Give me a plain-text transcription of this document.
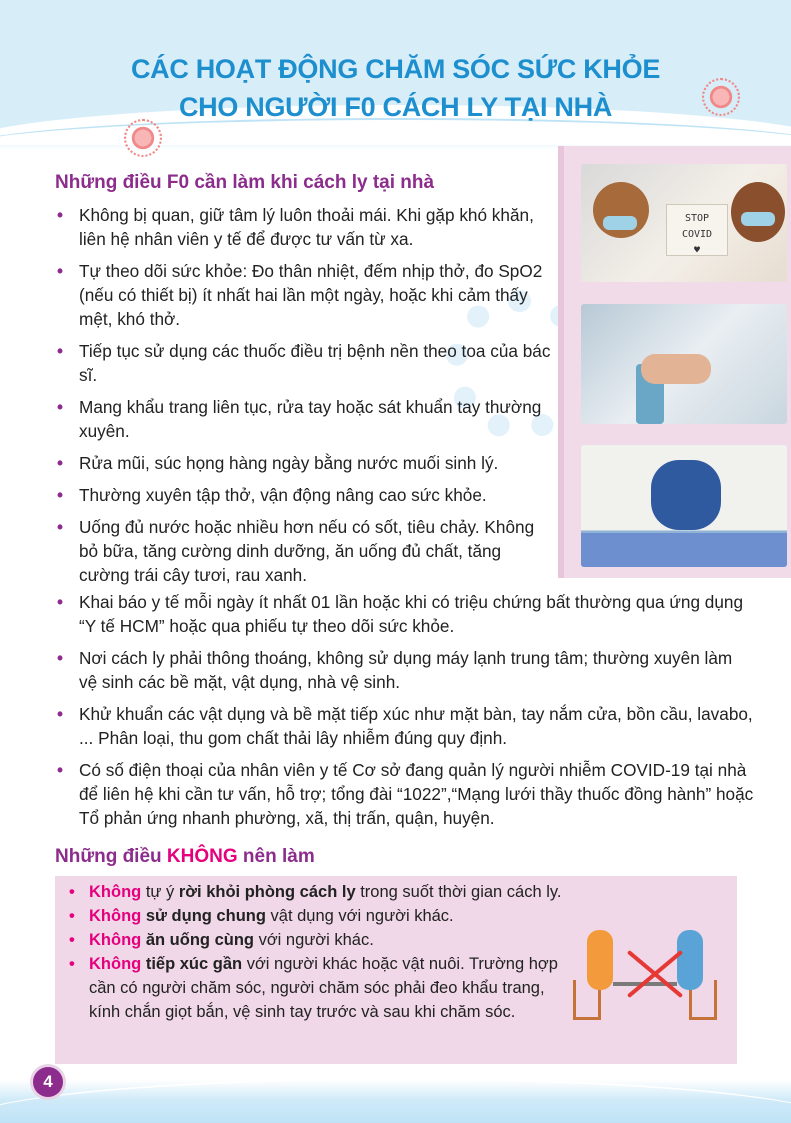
CÁC HOẠT ĐỘNG CHĂM SÓC SỨC KHỎE
CHO NGƯỜI F0 CÁCH LY TẠI NHÀ
STOP
COVID
♥
Những điều F0 cần làm khi cách ly tại nhà
• Không bị quan, giữ tâm lý luôn thoải mái. Khi gặp khó khăn, liên hệ nhân viên y tế để được tư vấn từ xa.
• Tự theo dõi sức khỏe: Đo thân nhiệt, đếm nhịp thở, đo SpO2 (nếu có thiết bị) ít nhất hai lần một ngày, hoặc khi cảm thấy mệt, khó thở.
• Tiếp tục sử dụng các thuốc điều trị bệnh nền theo toa của bác sĩ.
• Mang khẩu trang liên tục, rửa tay hoặc sát khuẩn tay thường xuyên.
• Rửa mũi, súc họng hàng ngày bằng nước muối sinh lý.
• Thường xuyên tập thở, vận động nâng cao sức khỏe.
• Uống đủ nước hoặc nhiều hơn nếu có sốt, tiêu chảy. Không bỏ bữa, tăng cường dinh dưỡng, ăn uống đủ chất, tăng cường trái cây tươi, rau xanh.
• Khai báo y tế mỗi ngày ít nhất 01 lần hoặc khi có triệu chứng bất thường qua ứng dụng “Y tế HCM” hoặc qua phiếu tự theo dõi sức khỏe.
• Nơi cách ly phải thông thoáng, không sử dụng máy lạnh trung tâm; thường xuyên làm vệ sinh các bề mặt, vật dụng, nhà vệ sinh.
• Khử khuẩn các vật dụng và bề mặt tiếp xúc như mặt bàn, tay nắm cửa, bồn cầu, lavabo, ... Phân loại, thu gom chất thải lây nhiễm đúng quy định.
• Có số điện thoại của nhân viên y tế Cơ sở đang quản lý người nhiễm COVID-19 tại nhà để liên hệ khi cần tư vấn, hỗ trợ; tổng đài “1022”,“Mạng lưới thầy thuốc đồng hành” hoặc Tổ phản ứng nhanh phường, xã, thị trấn, quận, huyện.
Những điều KHÔNG nên làm
• Không tự ý rời khỏi phòng cách ly trong suốt thời gian cách ly.
• Không sử dụng chung vật dụng với người khác.
• Không ăn uống cùng với người khác.
• Không tiếp xúc gần với người khác hoặc vật nuôi. Trường hợp cần có người chăm sóc, người chăm sóc phải đeo khẩu trang, kính chắn giọt bắn, vệ sinh tay trước và sau khi chăm sóc.
4
